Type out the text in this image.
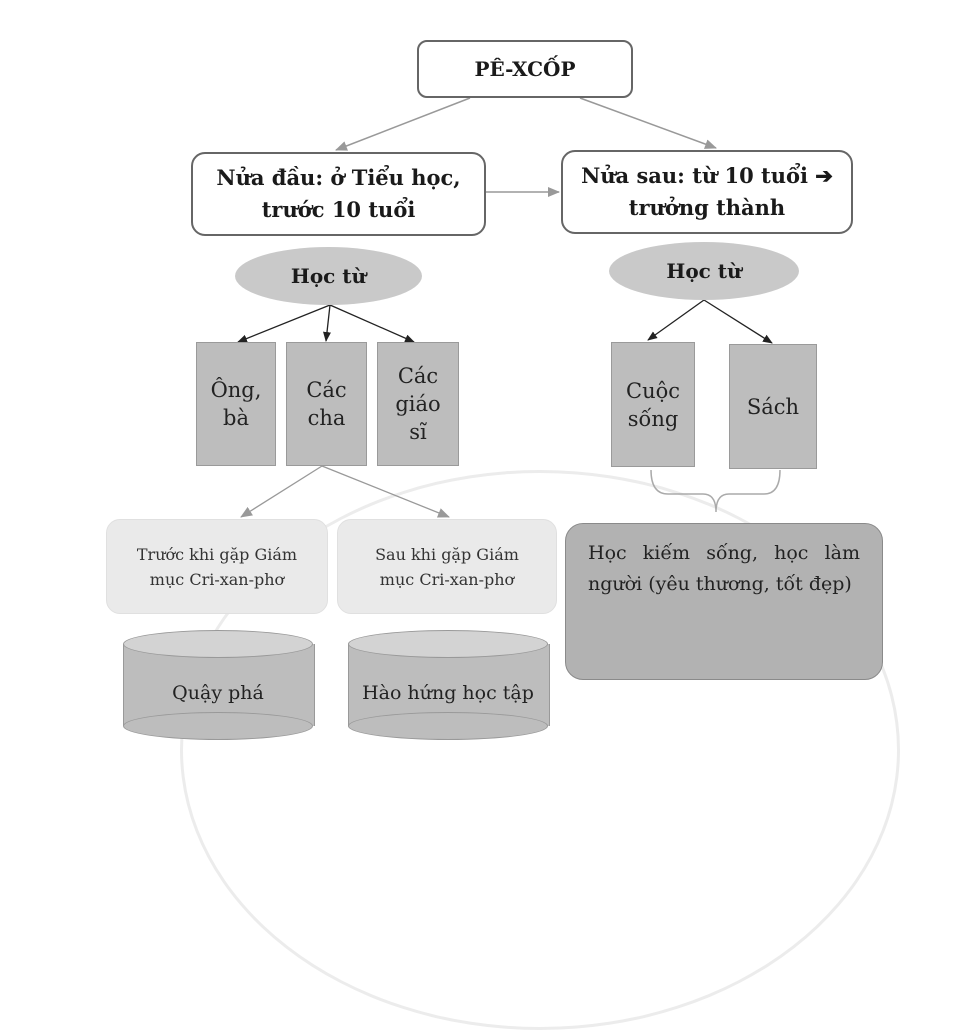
PÊ-XCỐP
Nửa đầu: ở Tiểu học,
trước 10 tuổi
Nửa sau: từ 10 tuổi ➔
trưởng thành
Học từ	Học từ
Ông,
bà
Các
cha
Các
giáo
sĩ
Cuộc
sống	Sách
Trước khi gặp Giám
mục Cri-xan-phơ
Sau khi gặp Giám
mục Cri-xan-phơ
Quậy phá	Hào hứng học tập
Học kiếm sống, học làm người (yêu thương, tốt đẹp)
